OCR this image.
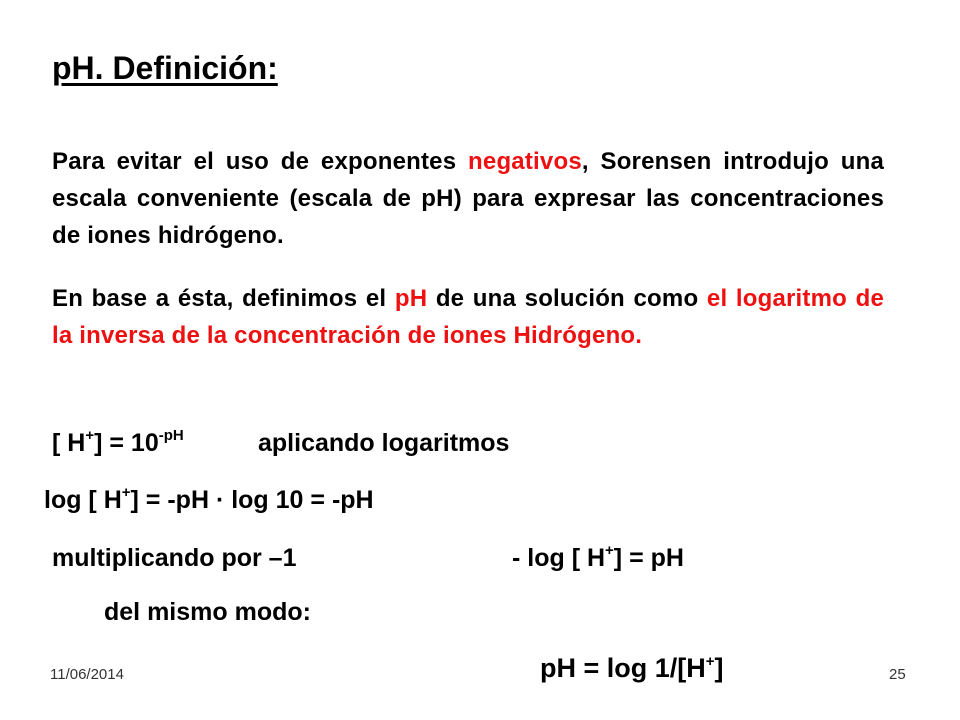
pH. Definición:

Para evitar el uso de exponentes negativos, Sorensen introdujo una escala conveniente (escala de pH) para expresar las concentraciones de iones hidrógeno.

En base a ésta, definimos el pH de una solución como el logaritmo de la inversa de la concentración de iones Hidrógeno.

[ $H^+] = 10^{-pH}$	aplicando logaritmos
log [ H+] = -pH · log 10 = -pH
multiplicando por –1	- log [ H+] = pH
del mismo modo:
pH = log 1/[H+]
11/06/2014	25
